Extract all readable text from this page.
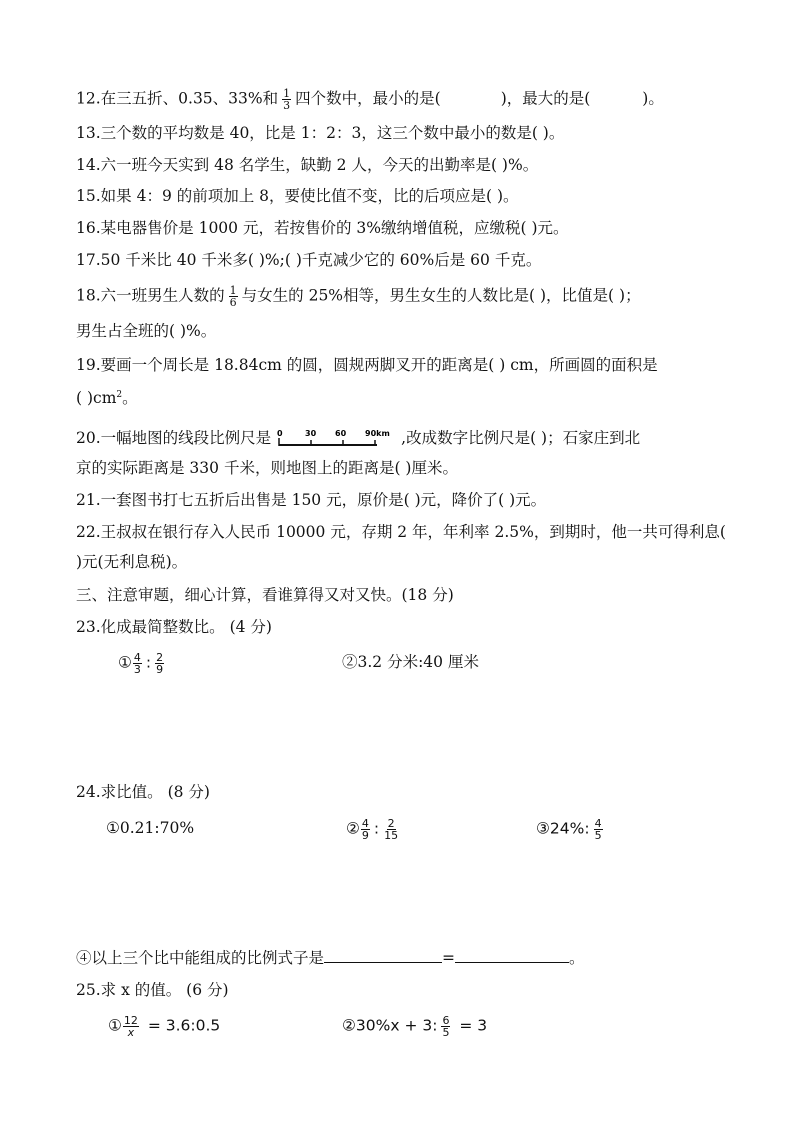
12.在三五折、0.35、33%和 $\frac{1}{3}$ 四个数中，最小的是(	)，最大的是(	)。
13.三个数的平均数是 40，比是 1：2：3，这三个数中最小的数是( )。
14.六一班今天实到 48 名学生，缺勤 2 人，今天的出勤率是( )%。
15.如果 4：9 的前项加上 8，要使比值不变，比的后项应是( )。
16.某电器售价是 1000 元，若按售价的 3%缴纳增值税，应缴税( )元。
17.50 千米比 40 千米多( )%;( )千克减少它的 60%后是 60 千克。
18.六一班男生人数的 $\frac{1}{6}$ 与女生的 25%相等，男生女生的人数比是( )，比值是( )；
男生占全班的( )%。
19.要画一个周长是 18.84cm 的圆，圆规两脚叉开的距离是( ) cm，所画圆的面积是
( )$cm^2$。
20.一幅地图的线段比例尺是 0	30 60 90km ,改成数字比例尺是( )；石家庄到北
京的实际距离是 330 千米，则地图上的距离是( )厘米。
21.一套图书打七五折后出售是 150 元，原价是( )元，降价了( )元。
22.王叔叔在银行存入人民币 10000 元，存期 2 年，年利率 2.5%，到期时，他一共可得利息(
)元(无利息税)。
三、注意审题，细心计算，看谁算得又对又快。(18 分)
23.化成最简整数比。 (4 分)
① $\frac{4}{3}$ : $\frac{2}{9}$	②3.2 分米:40 厘米
24.求比值。 (8 分)
①0.21:70%	② $\frac{4}{9}$ : $\frac{2}{15}$	③24%: $\frac{4}{5}$
④以上三个比中能组成的比例式子是	=	。
25.求 x 的值。 (6 分)
① $\frac{12}{x}$ = 3.6:0.5	②30%x + 3: $\frac{6}{5} = 3$
